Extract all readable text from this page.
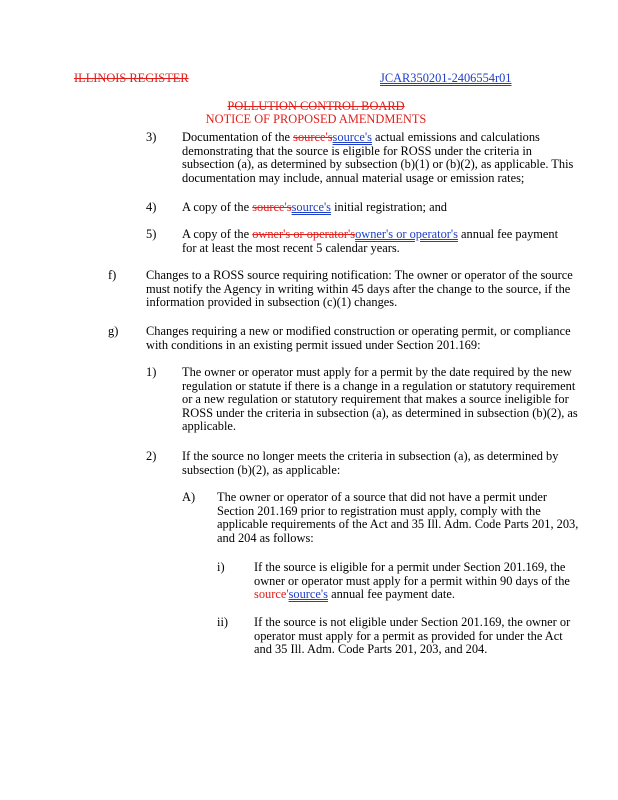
ILLINOIS REGISTER	JCAR350201-2406554r01
POLLUTION CONTROL BOARD
NOTICE OF PROPOSED AMENDMENTS
3)	Documentation of the source'ssource's actual emissions and calculations demonstrating that the source is eligible for ROSS under the criteria in subsection (a), as determined by subsection (b)(1) or (b)(2), as applicable. This documentation may include, annual material usage or emission rates;
4)	A copy of the source'ssource's initial registration; and
5)	A copy of the owner's or operator'sowner's or operator's annual fee payment for at least the most recent 5 calendar years.
f)	Changes to a ROSS source requiring notification: The owner or operator of the source must notify the Agency in writing within 45 days after the change to the source, if the information provided in subsection (c)(1) changes.
g)	Changes requiring a new or modified construction or operating permit, or compliance with conditions in an existing permit issued under Section 201.169:
1)	The owner or operator must apply for a permit by the date required by the new regulation or statute if there is a change in a regulation or statutory requirement or a new regulation or statutory requirement that makes a source ineligible for ROSS under the criteria in subsection (a), as determined in subsection (b)(2), as applicable.
2)	If the source no longer meets the criteria in subsection (a), as determined by subsection (b)(2), as applicable:
A)	The owner or operator of a source that did not have a permit under Section 201.169 prior to registration must apply, comply with the applicable requirements of the Act and 35 Ill. Adm. Code Parts 201, 203, and 204 as follows:
i)	If the source is eligible for a permit under Section 201.169, the owner or operator must apply for a permit within 90 days of the source'source's annual fee payment date.
ii)	If the source is not eligible under Section 201.169, the owner or operator must apply for a permit as provided for under the Act and 35 Ill. Adm. Code Parts 201, 203, and 204.
